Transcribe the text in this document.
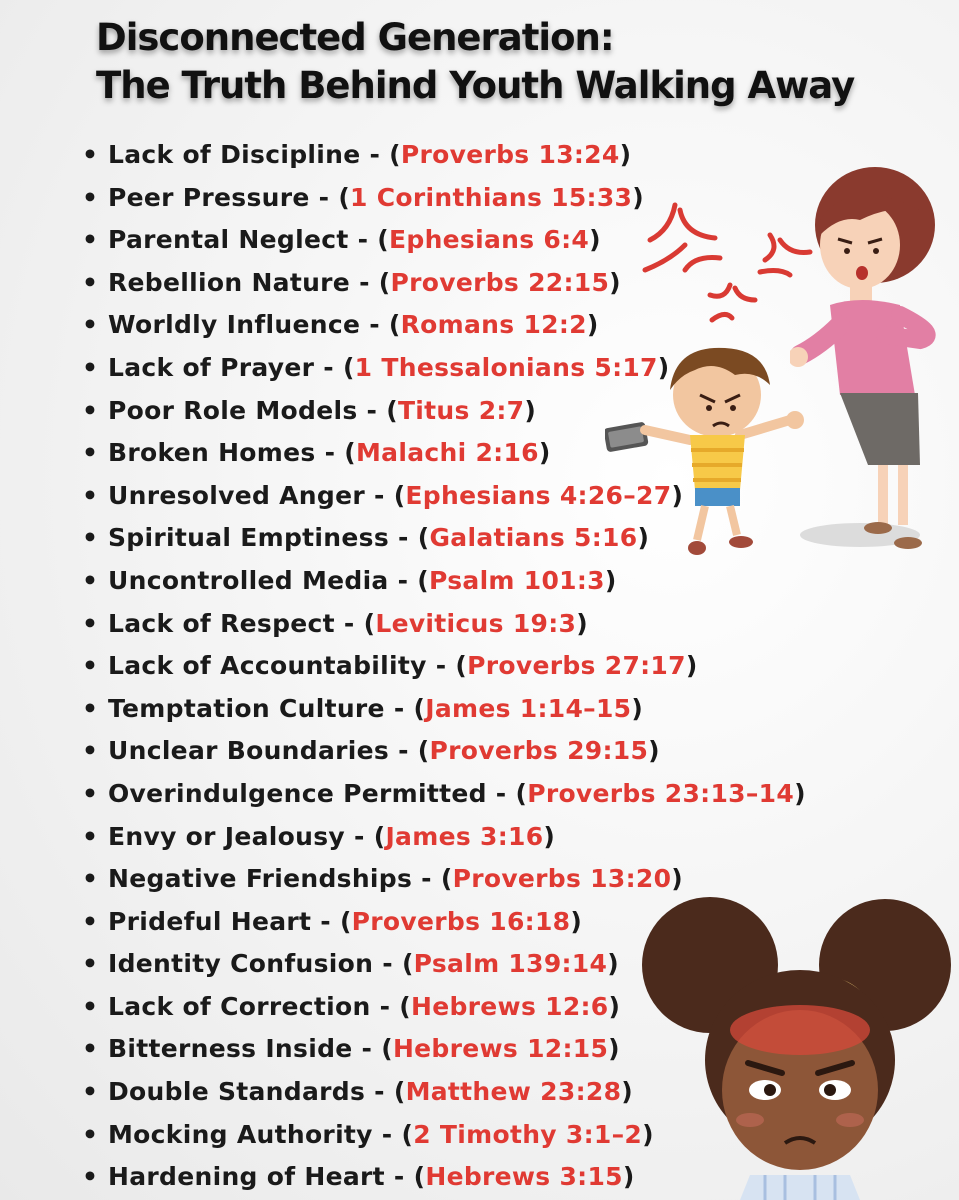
Disconnected Generation:
The Truth Behind Youth Walking Away
• Lack of Discipline - (Proverbs 13:24)
• Peer Pressure - (1 Corinthians 15:33)
• Parental Neglect - (Ephesians 6:4)
• Rebellion Nature - (Proverbs 22:15)
• Worldly Influence - (Romans 12:2)
• Lack of Prayer - (1 Thessalonians 5:17)
• Poor Role Models - (Titus 2:7)
• Broken Homes - (Malachi 2:16)
• Unresolved Anger - (Ephesians 4:26–27)
• Spiritual Emptiness - (Galatians 5:16)
• Uncontrolled Media - (Psalm 101:3)
• Lack of Respect - (Leviticus 19:3)
• Lack of Accountability - (Proverbs 27:17)
• Temptation Culture - (James 1:14–15)
• Unclear Boundaries - (Proverbs 29:15)
• Overindulgence Permitted - (Proverbs 23:13–14)
• Envy or Jealousy - (James 3:16)
• Negative Friendships - (Proverbs 13:20)
• Prideful Heart - (Proverbs 16:18)
• Identity Confusion - (Psalm 139:14)
• Lack of Correction - (Hebrews 12:6)
• Bitterness Inside - (Hebrews 12:15)
• Double Standards - (Matthew 23:28)
• Mocking Authority - (2 Timothy 3:1–2)
• Hardening of Heart - (Hebrews 3:15)
